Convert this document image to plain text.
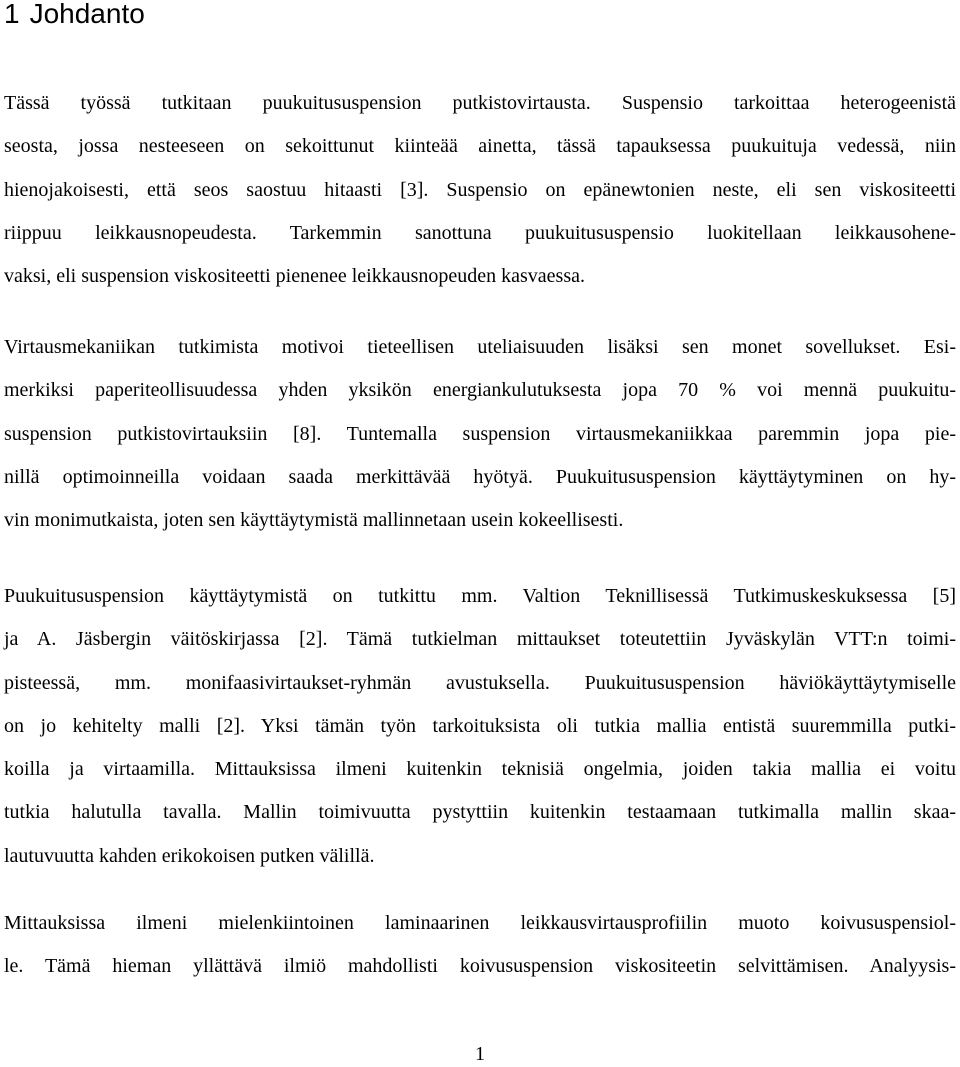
1 Johdanto

Tässä työssä tutkitaan puukuitususpension putkistovirtausta. Suspensio tarkoittaa heterogeenistä
seosta, jossa nesteeseen on sekoittunut kiinteää ainetta, tässä tapauksessa puukuituja vedessä, niin
hienojakoisesti, että seos saostuu hitaasti [3]. Suspensio on epänewtonien neste, eli sen viskositeetti
riippuu leikkausnopeudesta. Tarkemmin sanottuna puukuitususpensio luokitellaan leikkausohene-
vaksi, eli suspension viskositeetti pienenee leikkausnopeuden kasvaessa.

Virtausmekaniikan tutkimista motivoi tieteellisen uteliaisuuden lisäksi sen monet sovellukset. Esi-
merkiksi paperiteollisuudessa yhden yksikön energiankulutuksesta jopa 70 % voi mennä puukuitu-
suspension putkistovirtauksiin [8]. Tuntemalla suspension virtausmekaniikkaa paremmin jopa pie-
nillä optimoinneilla voidaan saada merkittävää hyötyä. Puukuitususpension käyttäytyminen on hy-
vin monimutkaista, joten sen käyttäytymistä mallinnetaan usein kokeellisesti.

Puukuitususpension käyttäytymistä on tutkittu mm. Valtion Teknillisessä Tutkimuskeskuksessa [5]
ja A. Jäsbergin väitöskirjassa [2]. Tämä tutkielman mittaukset toteutettiin Jyväskylän VTT:n toimi-
pisteessä, mm. monifaasivirtaukset-ryhmän avustuksella. Puukuitususpension häviökäyttäytymiselle
on jo kehitelty malli [2]. Yksi tämän työn tarkoituksista oli tutkia mallia entistä suuremmilla putki-
koilla ja virtaamilla. Mittauksissa ilmeni kuitenkin teknisiä ongelmia, joiden takia mallia ei voitu
tutkia halutulla tavalla. Mallin toimivuutta pystyttiin kuitenkin testaamaan tutkimalla mallin skaa-
lautuvuutta kahden erikokoisen putken välillä.

Mittauksissa ilmeni mielenkiintoinen laminaarinen leikkausvirtausprofiilin muoto koivususpensiol-
le. Tämä hieman yllättävä ilmiö mahdollisti koivususpension viskositeetin selvittämisen. Analyysis-

1
